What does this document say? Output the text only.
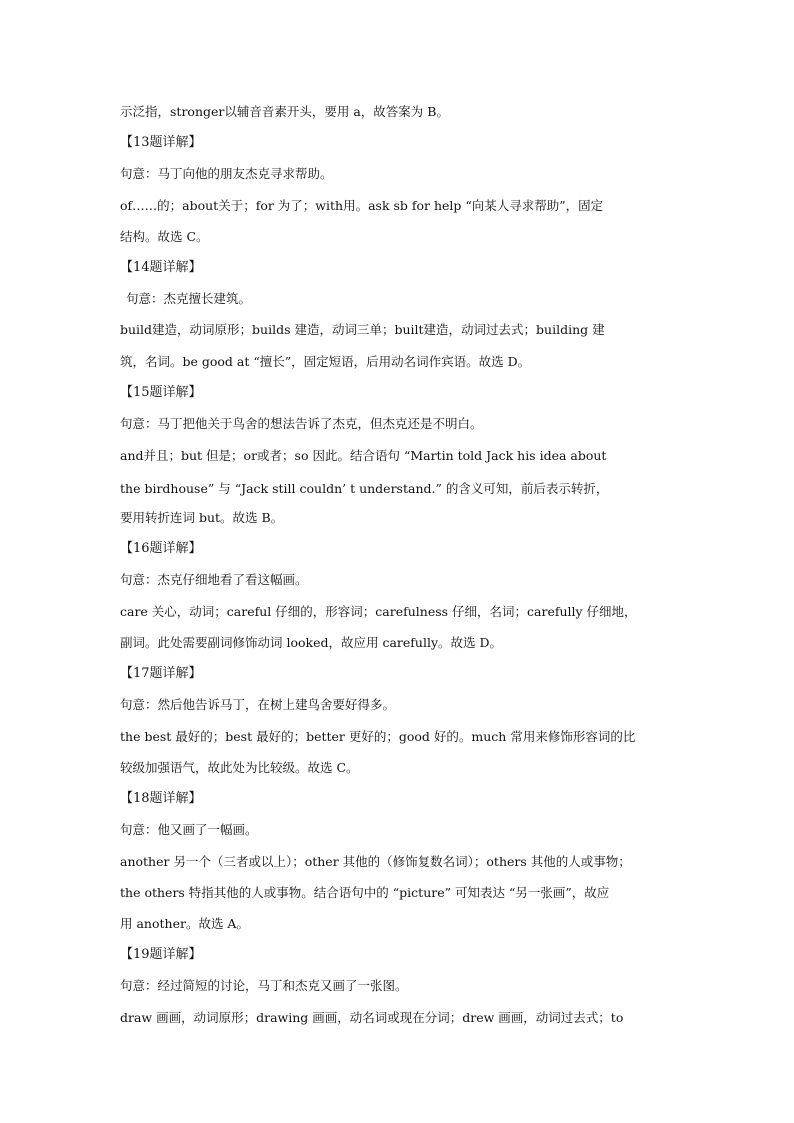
示泛指，stronger以辅音音素开头，要用 a，故答案为 B。
【13题详解】
句意：马丁向他的朋友杰克寻求帮助。
of……的；about关于；for 为了；with用。ask sb for help “向某人寻求帮助”，固定
结构。故选 C。
【14题详解】
句意：杰克擅长建筑。
build建造，动词原形；builds 建造，动词三单；built建造，动词过去式；building 建
筑，名词。be good at “擅长”，固定短语，后用动名词作宾语。故选 D。
【15题详解】
句意：马丁把他关于鸟舍的想法告诉了杰克，但杰克还是不明白。
and并且；but 但是；or或者；so 因此。结合语句 “Martin told Jack his idea about
the birdhouse” 与 “Jack still couldn’ t understand.” 的含义可知，前后表示转折，
要用转折连词 but。故选 B。
【16题详解】
句意：杰克仔细地看了看这幅画。
care 关心，动词；careful 仔细的，形容词；carefulness 仔细，名词；carefully 仔细地，
副词。此处需要副词修饰动词 looked，故应用 carefully。故选 D。
【17题详解】
句意：然后他告诉马丁，在树上建鸟舍要好得多。
the best 最好的；best 最好的；better 更好的；good 好的。much 常用来修饰形容词的比
较级加强语气，故此处为比较级。故选 C。
【18题详解】
句意：他又画了一幅画。
another 另一个（三者或以上）；other 其他的（修饰复数名词）；others 其他的人或事物；
the others 特指其他的人或事物。结合语句中的 “picture” 可知表达 “另一张画”，故应
用 another。故选 A。
【19题详解】
句意：经过简短的讨论，马丁和杰克又画了一张图。
draw 画画，动词原形；drawing 画画，动名词或现在分词；drew 画画，动词过去式；to
